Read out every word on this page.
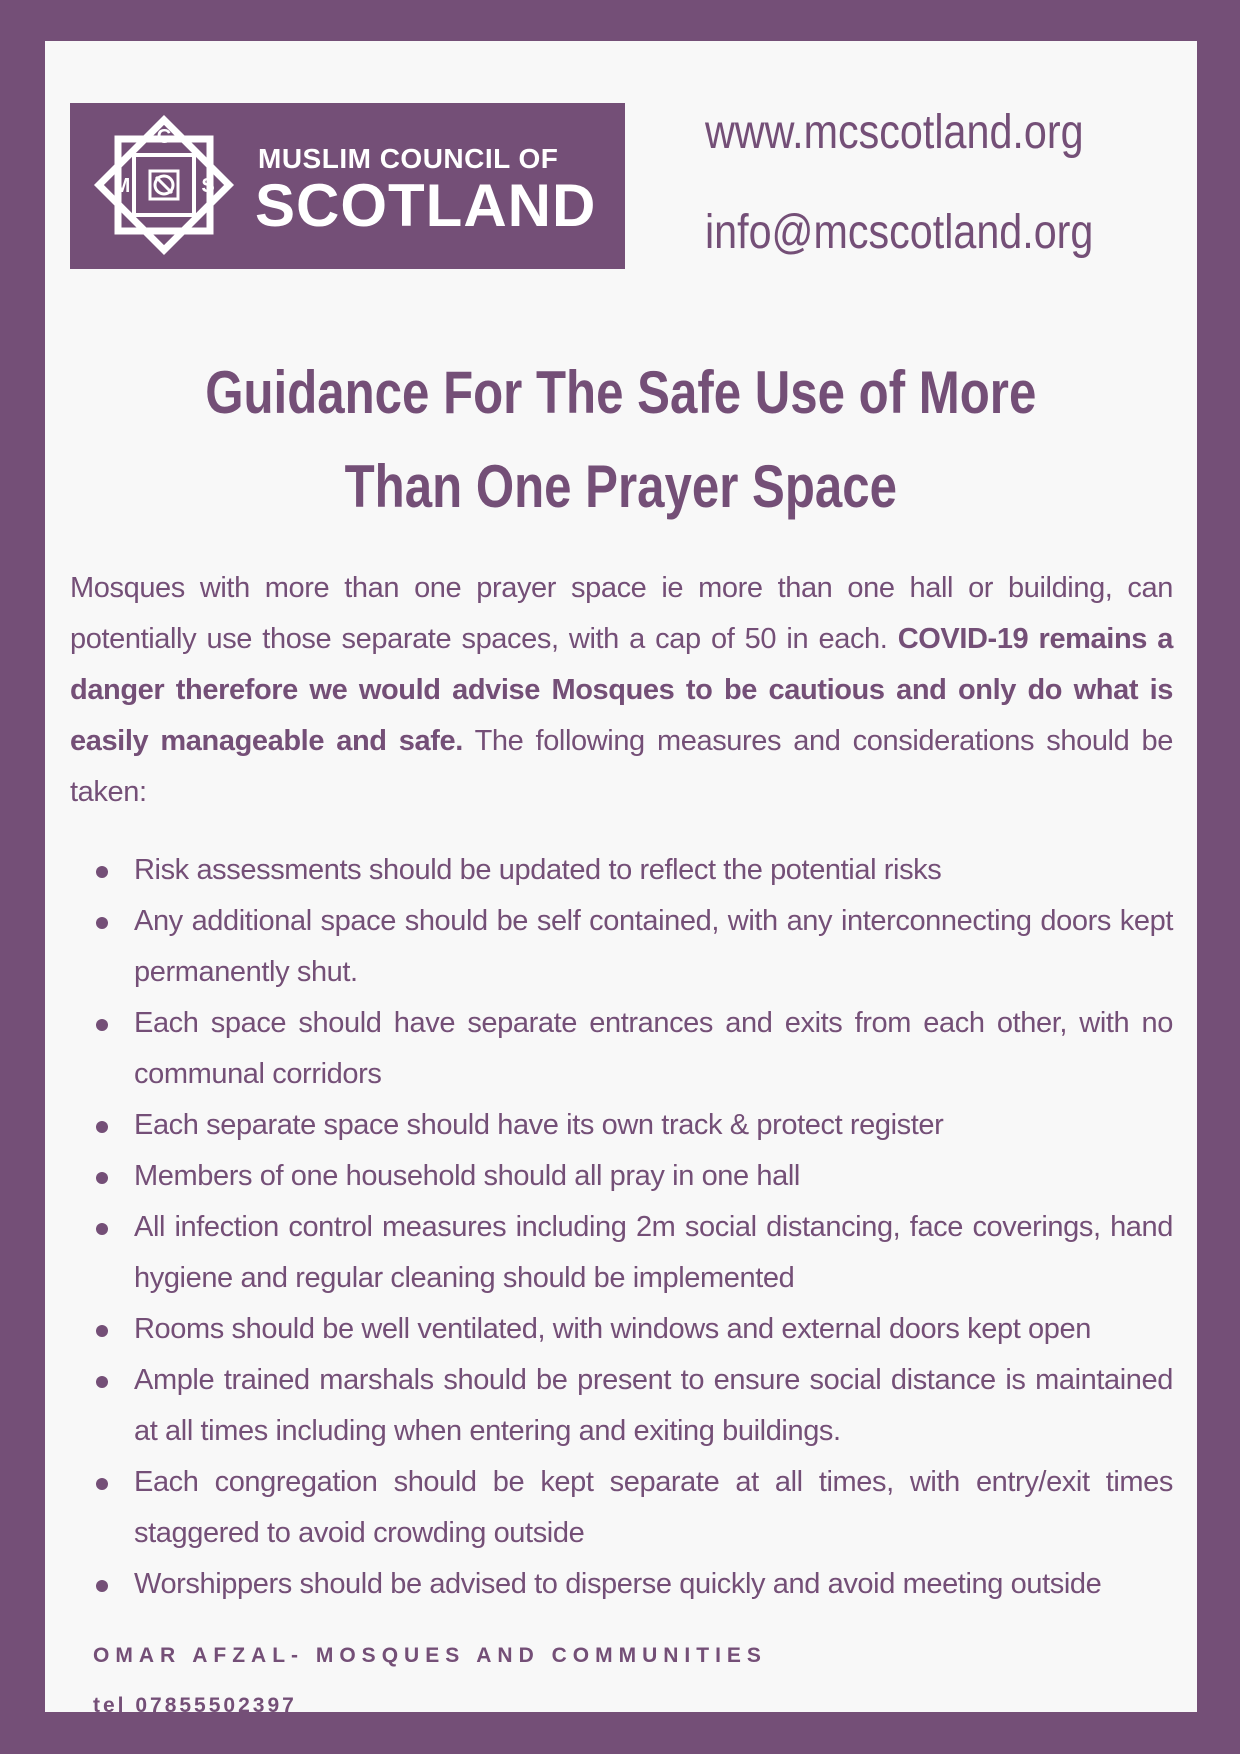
C
M	S
MUSLIM COUNCIL OF
SCOTLAND
www.mcscotland.org
info@mcscotland.org
Guidance For The Safe Use of More
Than One Prayer Space

Mosques with more than one prayer space ie more than one hall or building, can potentially use those separate spaces, with a cap of 50 in each. COVID-19 remains a danger therefore we would advise Mosques to be cautious and only do what is easily manageable and safe. The following measures and considerations should be taken:

Risk assessments should be updated to reflect the potential risks
Any additional space should be self contained, with any interconnecting doors kept permanently shut.
Each space should have separate entrances and exits from each other, with no communal corridors
Each separate space should have its own track & protect register
Members of one household should all pray in one hall
All infection control measures including 2m social distancing, face coverings, hand hygiene and regular cleaning should be implemented
Rooms should be well ventilated, with windows and external doors kept open
Ample trained marshals should be present to ensure social distance is maintained at all times including when entering and exiting buildings.
Each congregation should be kept separate at all times, with entry/exit times staggered to avoid crowding outside
Worshippers should be advised to disperse quickly and avoid meeting outside
OMAR AFZAL- MOSQUES AND COMMUNITIES
tel 07855502397
